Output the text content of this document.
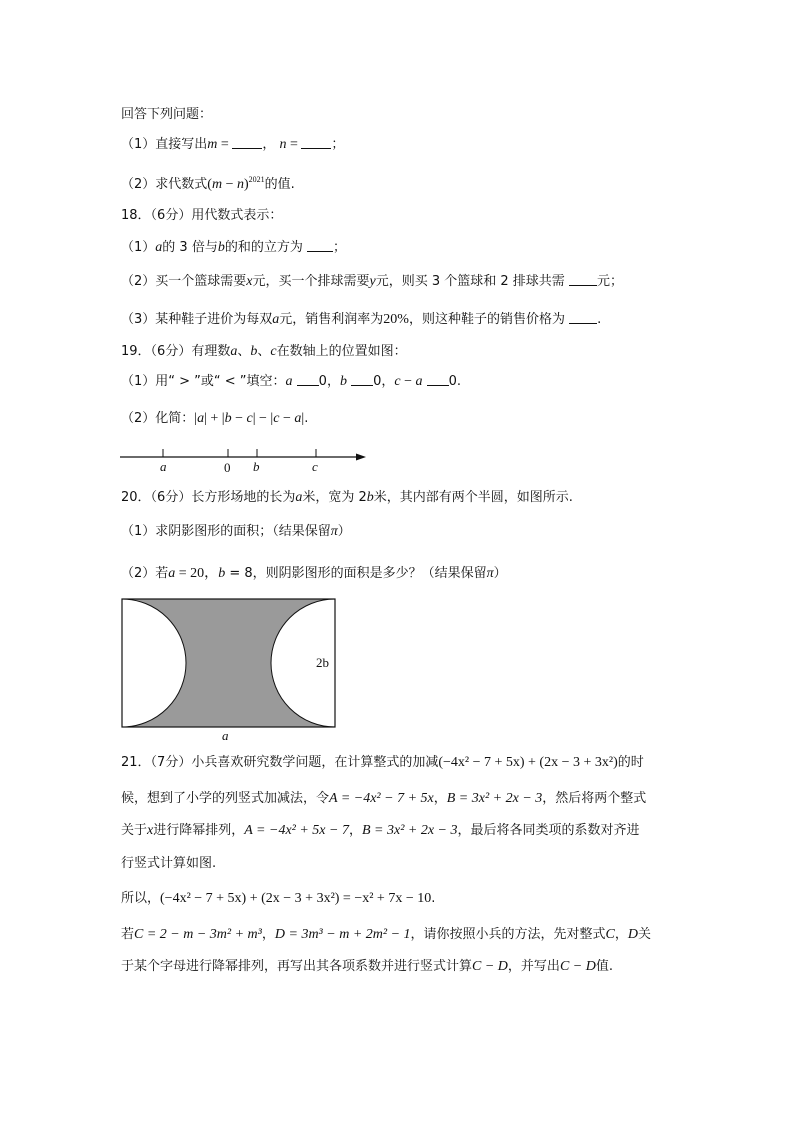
回答下列问题：
（1）直接写出m = ， n = ；
（2）求代数式$(m - n)^{2021}$的值.
18．（6分）用代数式表示：
（1）a的 3 倍与b的和的立方为 ；
（2）买一个篮球需要x元，买一个排球需要y元，则买 3 个篮球和 2 排球共需 元；
（3）某种鞋子进价为每双a元，销售利润率为20%，则这种鞋子的销售价格为 .
19．（6分）有理数a、b、c在数轴上的位置如图：
（1）用“ > ”或“ < ”填空：a 0，b 0，c − a 0.
（2）化简：|a| + |b − c| − |c − a|.
a	0 b	c
20．（6分）长方形场地的长为a米，宽为 2b米，其内部有两个半圆，如图所示.
（1）求阴影图形的面积；（结果保留π）
（2）若a = 20，b = 8，则阴影图形的面积是多少？（结果保留π）
2b
a
21．（7分）小兵喜欢研究数学问题，在计算整式的加减(−4x² − 7 + 5x) + (2x − 3 + 3x²)的时
候，想到了小学的列竖式加减法，令A = −4x² − 7 + 5x，B = 3x² + 2x − 3，然后将两个整式
关于x进行降幂排列，A = −4x² + 5x − 7，B = 3x² + 2x − 3，最后将各同类项的系数对齐进
行竖式计算如图.
所以，(−4x² − 7 + 5x) + (2x − 3 + 3x²) = −x² + 7x − 10.
若C = 2 − m − 3m² + m³，D = 3m³ − m + 2m² − 1，请你按照小兵的方法，先对整式C，D关
于某个字母进行降幂排列，再写出其各项系数并进行竖式计算C − D，并写出C − D值.
